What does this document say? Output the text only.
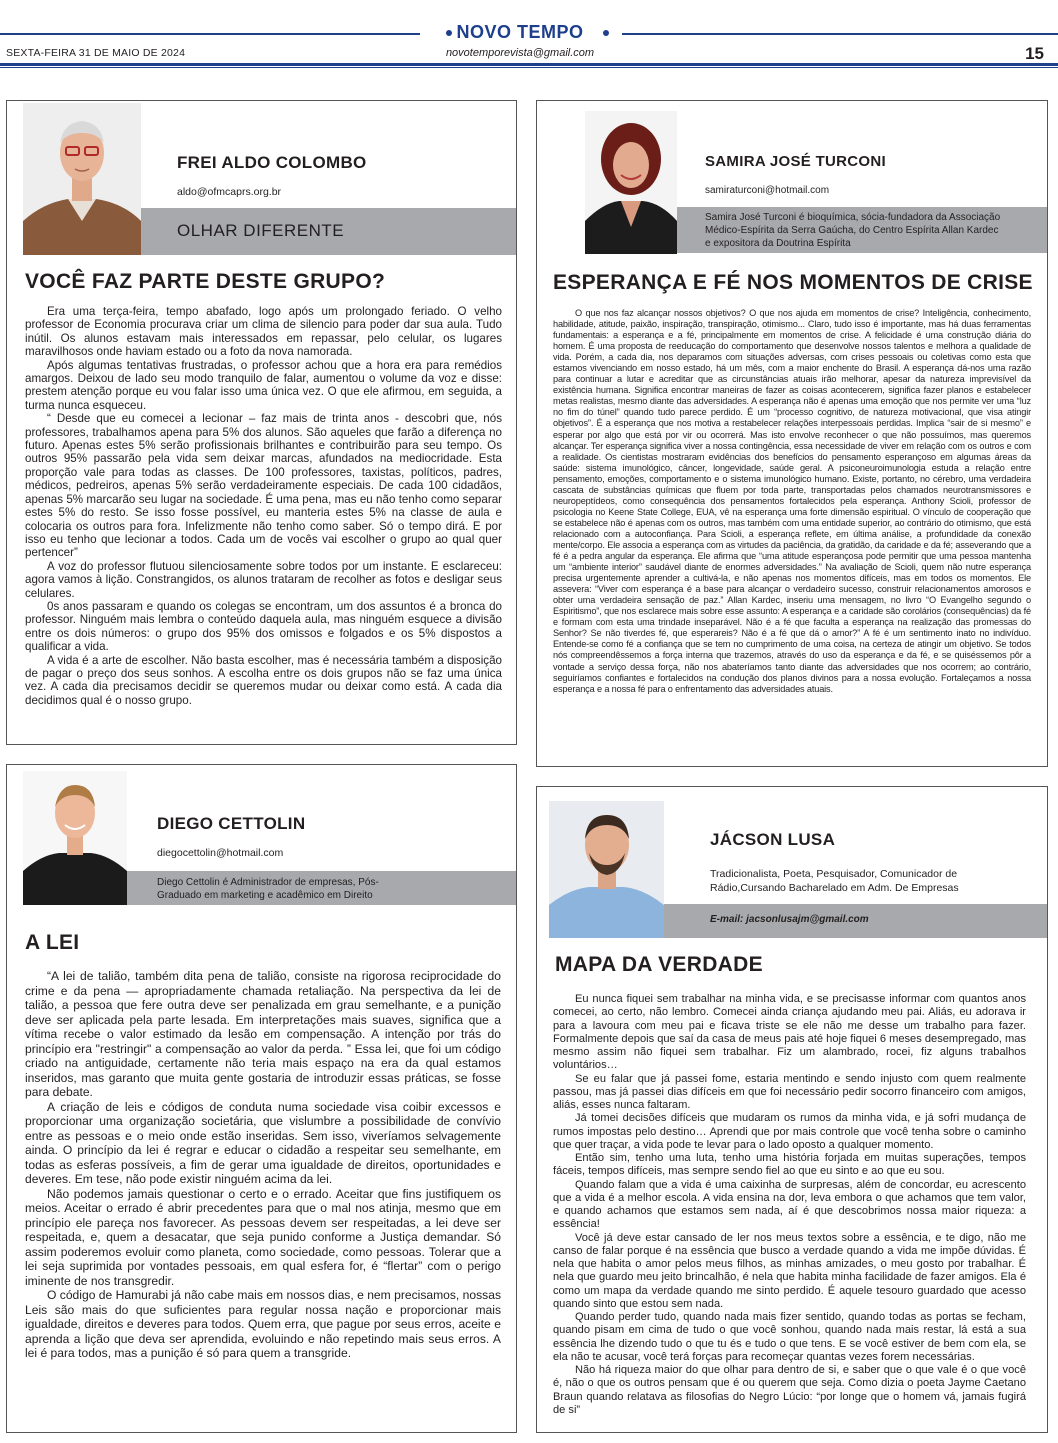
NOVO TEMPO
SEXTA-FEIRA 31 DE MAIO DE 2024	novotemporevista@gmail.com	15
FREI ALDO COLOMBO
aldo@ofmcaprs.org.br
OLHAR DIFERENTE
VOCÊ FAZ PARTE DESTE GRUPO?

Era uma terça-feira, tempo abafado, logo após um prolongado feriado. O velho professor de Economia procurava criar um clima de silencio para poder dar sua aula. Tudo inútil. Os alunos estavam mais interessados em repassar, pelo celular, os lugares maravilhosos onde haviam estado ou a foto da nova namorada.

Após algumas tentativas frustradas, o professor achou que a hora era para remédios amargos. Deixou de lado seu modo tranquilo de falar, aumentou o volume da voz e disse: prestem atenção porque eu vou falar isso uma única vez. O que ele afirmou, em seguida, a turma nunca esqueceu.

“ Desde que eu comecei a lecionar – faz mais de trinta anos - descobri que, nós professores, trabalhamos apena para 5% dos alunos. São aqueles que farão a diferença no futuro. Apenas estes 5% serão profissionais brilhantes e contribuirão para seu tempo. Os outros 95% passarão pela vida sem deixar marcas, afundados na mediocridade. Esta proporção vale para todas as classes. De 100 professores, taxistas, políticos, padres, médicos, pedreiros, apenas 5% serão verdadeiramente especiais. De cada 100 cidadãos, apenas 5% marcarão seu lugar na sociedade. É uma pena, mas eu não tenho como separar estes 5% do resto. Se isso fosse possível, eu manteria estes 5% na classe de aula e colocaria os outros para fora. Infelizmente não tenho como saber. Só o tempo dirá. E por isso eu tenho que lecionar a todos. Cada um de vocês vai escolher o grupo ao qual quer pertencer”

A voz do professor flutuou silenciosamente sobre todos por um instante. E esclareceu: agora vamos à lição. Constrangidos, os alunos trataram de recolher as fotos e desligar seus celulares.

0s anos passaram e quando os colegas se encontram, um dos assuntos é a bronca do professor. Ninguém mais lembra o conteúdo daquela aula, mas ninguém esquece a divisão entre os dois números: o grupo dos 95% dos omissos e folgados e os 5% dispostos a qualificar a vida.

A vida é a arte de escolher. Não basta escolher, mas é necessária também a disposição de pagar o preço dos seus sonhos. A escolha entre os dois grupos não se faz uma única vez. A cada dia precisamos decidir se queremos mudar ou deixar como está. A cada dia decidimos qual é o nosso grupo.

SAMIRA JOSÉ TURCONI
samiraturconi@hotmail.com
Samira José Turconi é bioquímica, sócia-fundadora da Associação Médico-Espírita da Serra Gaúcha, do Centro Espírita Allan Kardec e expositora da Doutrina Espírita
ESPERANÇA E FÉ NOS MOMENTOS DE CRISE

O que nos faz alcançar nossos objetivos? O que nos ajuda em momentos de crise? Inteligência, conhecimento, habilidade, atitude, paixão, inspiração, transpiração, otimismo... Claro, tudo isso é importante, mas há duas ferramentas fundamentais: a esperança e a fé, principalmente em momentos de crise. A felicidade é uma construção diária do homem. É uma proposta de reeducação do comportamento que desenvolve nossos talentos e melhora a qualidade de vida. Porém, a cada dia, nos deparamos com situações adversas, com crises pessoais ou coletivas como esta que estamos vivenciando em nosso estado, há um mês, com a maior enchente do Brasil. A esperança dá-nos uma razão para continuar a lutar e acreditar que as circunstâncias atuais irão melhorar, apesar da natureza imprevisível da existência humana. Significa encontrar maneiras de fazer as coisas acontecerem, significa fazer planos e estabelecer metas realistas, mesmo diante das adversidades. A esperança não é apenas uma emoção que nos permite ver uma “luz no fim do túnel” quando tudo parece perdido. É um “processo cognitivo, de natureza motivacional, que visa atingir objetivos”. É a esperança que nos motiva a restabelecer relações interpessoais perdidas. Implica “sair de si mesmo” e esperar por algo que está por vir ou ocorrerá. Mas isto envolve reconhecer o que não possuímos, mas queremos alcançar. Ter esperança significa viver a nossa contingência, essa necessidade de viver em relação com os outros e com a realidade. Os cientistas mostraram evidências dos benefícios do pensamento esperançoso em algumas áreas da saúde: sistema imunológico, câncer, longevidade, saúde geral. A psiconeuroimunologia estuda a relação entre pensamento, emoções, comportamento e o sistema imunológico humano. Existe, portanto, no cérebro, uma verdadeira cascata de substâncias químicas que fluem por toda parte, transportadas pelos chamados neurotransmissores e neuropeptídeos, como consequência dos pensamentos fortalecidos pela esperança. Anthony Scioli, professor de psicologia no Keene State College, EUA, vê na esperança uma forte dimensão espiritual. O vínculo de cooperação que se estabelece não é apenas com os outros, mas também com uma entidade superior, ao contrário do otimismo, que está relacionado com a autoconfiança. Para Scioli, a esperança reflete, em última análise, a profundidade da conexão mente/corpo. Ele associa a esperança com as virtudes da paciência, da gratidão, da caridade e da fé; asseverando que a fé é a pedra angular da esperança. Ele afirma que “uma atitude esperançosa pode permitir que uma pessoa mantenha um “ambiente interior” saudável diante de enormes adversidades.” Na avaliação de Scioli, quem não nutre esperança precisa urgentemente aprender a cultivá-la, e não apenas nos momentos difíceis, mas em todos os momentos. Ele assevera: “Viver com esperança é a base para alcançar o verdadeiro sucesso, construir relacionamentos amorosos e obter uma verdadeira sensação de paz.” Allan Kardec, inseriu uma mensagem, no livro “O Evangelho segundo o Espiritismo”, que nos esclarece mais sobre esse assunto: A esperança e a caridade são corolários (consequências) da fé e formam com esta uma trindade inseparável. Não é a fé que faculta a esperança na realização das promessas do Senhor? Se não tiverdes fé, que esperareis? Não é a fé que dá o amor?” A fé é um sentimento inato no indivíduo. Entende-se como fé a confiança que se tem no cumprimento de uma coisa, na certeza de atingir um objetivo. Se todos nós compreendêssemos a força interna que trazemos, através do uso da esperança e da fé, e se quiséssemos pôr a vontade a serviço dessa força, não nos abateríamos tanto diante das adversidades que nos ocorrem; ao contrário, seguiríamos confiantes e fortalecidos na condução dos planos divinos para a nossa evolução. Fortaleçamos a nossa esperança e a nossa fé para o enfrentamento das adversidades atuais.

DIEGO CETTOLIN
diegocettolin@hotmail.com
Diego Cettolin é Administrador de empresas, Pós-Graduado em marketing e acadêmico em Direito
A LEI

“A lei de talião, também dita pena de talião, consiste na rigorosa reciprocidade do crime e da pena — apropriadamente chamada retaliação. Na perspectiva da lei de talião, a pessoa que fere outra deve ser penalizada em grau semelhante, e a punição deve ser aplicada pela parte lesada. Em interpretações mais suaves, significa que a vítima recebe o valor estimado da lesão em compensação. A intenção por trás do princípio era "restringir" a compensação ao valor da perda. ” Essa lei, que foi um código criado na antiguidade, certamente não teria mais espaço na era da qual estamos inseridos, mas garanto que muita gente gostaria de introduzir essas práticas, se fosse para debate.

A criação de leis e códigos de conduta numa sociedade visa coibir excessos e proporcionar uma organização societária, que vislumbre a possibilidade de convívio entre as pessoas e o meio onde estão inseridas. Sem isso, viveríamos selvagemente ainda. O princípio da lei é regrar e educar o cidadão a respeitar seu semelhante, em todas as esferas possíveis, a fim de gerar uma igualdade de direitos, oportunidades e deveres. Em tese, não pode existir ninguém acima da lei.

Não podemos jamais questionar o certo e o errado. Aceitar que fins justifiquem os meios. Aceitar o errado é abrir precedentes para que o mal nos atinja, mesmo que em princípio ele pareça nos favorecer. As pessoas devem ser respeitadas, a lei deve ser respeitada, e, quem a desacatar, que seja punido conforme a Justiça demandar. Só assim poderemos evoluir como planeta, como sociedade, como pessoas. Tolerar que a lei seja suprimida por vontades pessoais, em qual esfera for, é “flertar” com o perigo iminente de nos transgredir.

O código de Hamurabi já não cabe mais em nossos dias, e nem precisamos, nossas Leis são mais do que suficientes para regular nossa nação e proporcionar mais igualdade, direitos e deveres para todos. Quem erra, que pague por seus erros, aceite e aprenda a lição que deva ser aprendida, evoluindo e não repetindo mais seus erros. A lei é para todos, mas a punição é só para quem a transgride.

JÁCSON LUSA
Tradicionalista, Poeta, Pesquisador, Comunicador de Rádio,Cursando Bacharelado em Adm. De Empresas
E-mail: jacsonlusajm@gmail.com
MAPA DA VERDADE

Eu nunca fiquei sem trabalhar na minha vida, e se precisasse informar com quantos anos comecei, ao certo, não lembro. Comecei ainda criança ajudando meu pai. Aliás, eu adorava ir para a lavoura com meu pai e ficava triste se ele não me desse um trabalho para fazer. Formalmente depois que saí da casa de meus pais até hoje fiquei 6 meses desempregado, mas mesmo assim não fiquei sem trabalhar. Fiz um alambrado, rocei, fiz alguns trabalhos voluntários…

Se eu falar que já passei fome, estaria mentindo e sendo injusto com quem realmente passou, mas já passei dias difíceis em que foi necessário pedir socorro financeiro com amigos, aliás, esses nunca faltaram.

Já tomei decisões difíceis que mudaram os rumos da minha vida, e já sofri mudança de rumos impostas pelo destino… Aprendi que por mais controle que você tenha sobre o caminho que quer traçar, a vida pode te levar para o lado oposto a qualquer momento.

Então sim, tenho uma luta, tenho uma história forjada em muitas superações, tempos fáceis, tempos difíceis, mas sempre sendo fiel ao que eu sinto e ao que eu sou.

Quando falam que a vida é uma caixinha de surpresas, além de concordar, eu acrescento que a vida é a melhor escola. A vida ensina na dor, leva embora o que achamos que tem valor, e quando achamos que estamos sem nada, aí é que descobrimos nossa maior riqueza: a essência!

Você já deve estar cansado de ler nos meus textos sobre a essência, e te digo, não me canso de falar porque é na essência que busco a verdade quando a vida me impõe dúvidas. É nela que habita o amor pelos meus filhos, as minhas amizades, o meu gosto por trabalhar. É nela que guardo meu jeito brincalhão, é nela que habita minha facilidade de fazer amigos. Ela é como um mapa da verdade quando me sinto perdido. É aquele tesouro guardado que acesso quando sinto que estou sem nada.

Quando perder tudo, quando nada mais fizer sentido, quando todas as portas se fecham, quando pisam em cima de tudo o que você sonhou, quando nada mais restar, lá está a sua essência lhe dizendo tudo o que tu és e tudo o que tens. E se você estiver de bem com ela, se ela não te acusar, você terá forças para recomeçar quantas vezes forem necessárias.

Não há riqueza maior do que olhar para dentro de si, e saber que o que vale é o que você é, não o que os outros pensam que é ou querem que seja. Como dizia o poeta Jayme Caetano Braun quando relatava as filosofias do Negro Lúcio: “por longe que o homem vá, jamais fugirá de si”
